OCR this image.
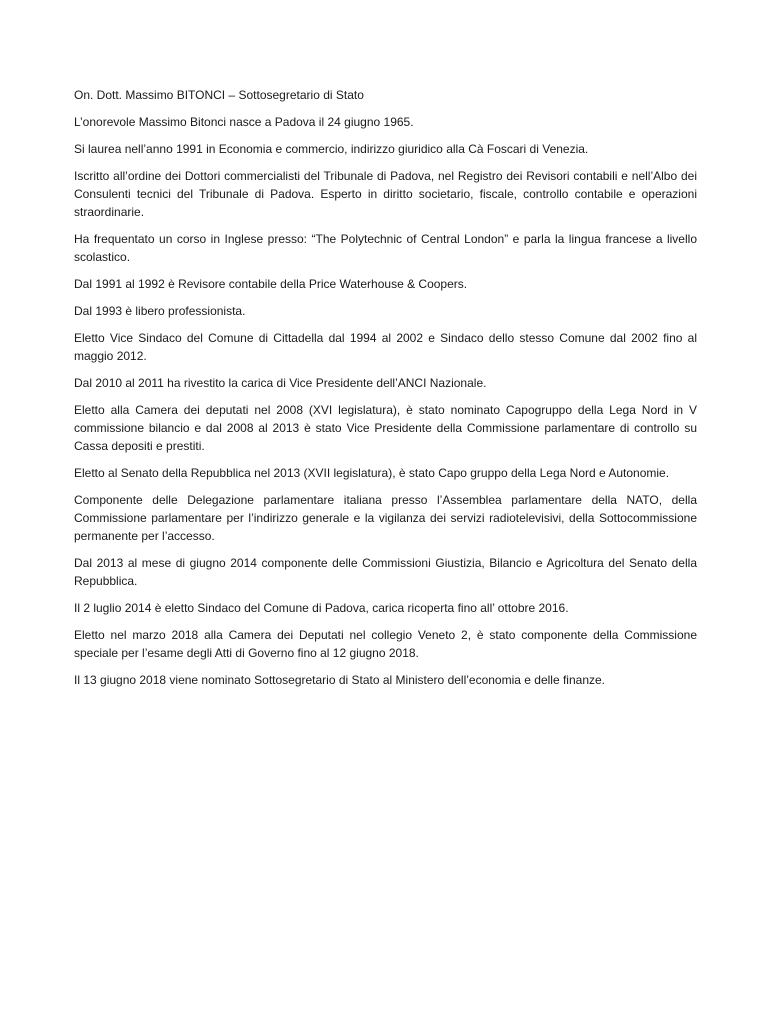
On. Dott. Massimo BITONCI – Sottosegretario di Stato

L’onorevole Massimo Bitonci nasce a Padova il 24 giugno 1965.

Si laurea nell’anno 1991 in Economia e commercio, indirizzo giuridico alla Cà Foscari di Venezia.

Iscritto all’ordine dei Dottori commercialisti del Tribunale di Padova, nel Registro dei Revisori contabili e nell’Albo dei Consulenti tecnici del Tribunale di Padova. Esperto in diritto societario, fiscale, controllo contabile e operazioni straordinarie.

Ha frequentato un corso in Inglese presso: “The Polytechnic of Central London” e parla la lingua francese a livello scolastico.

Dal 1991 al 1992 è Revisore contabile della Price Waterhouse & Coopers.

Dal 1993 è libero professionista.

Eletto Vice Sindaco del Comune di Cittadella dal 1994 al 2002 e Sindaco dello stesso Comune dal 2002 fino al maggio 2012.

Dal 2010 al 2011 ha rivestito la carica di Vice Presidente dell’ANCI Nazionale.

Eletto alla Camera dei deputati nel 2008 (XVI legislatura), è stato nominato Capogruppo della Lega Nord in V commissione bilancio e dal 2008 al 2013 è stato Vice Presidente della Commissione parlamentare di controllo su Cassa depositi e prestiti.

Eletto al Senato della Repubblica nel 2013 (XVII legislatura), è stato Capo gruppo della Lega Nord e Autonomie.

Componente delle Delegazione parlamentare italiana presso l’Assemblea parlamentare della NATO, della Commissione parlamentare per l’indirizzo generale e la vigilanza dei servizi radiotelevisivi, della Sottocommissione permanente per l’accesso.

Dal 2013 al mese di giugno 2014 componente delle Commissioni Giustizia, Bilancio e Agricoltura del Senato della Repubblica.

Il 2 luglio 2014 è eletto Sindaco del Comune di Padova, carica ricoperta fino all’ ottobre 2016.

Eletto nel marzo 2018 alla Camera dei Deputati nel collegio Veneto 2, è stato componente della Commissione speciale per l’esame degli Atti di Governo fino al 12 giugno 2018.

Il 13 giugno 2018 viene nominato Sottosegretario di Stato al Ministero dell’economia e delle finanze.
